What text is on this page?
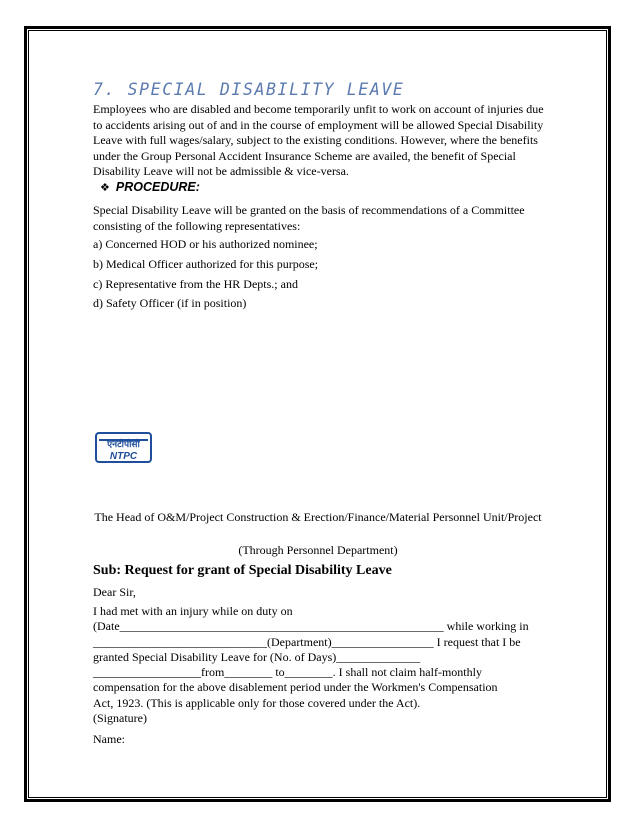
7. SPECIAL DISABILITY LEAVE
Employees who are disabled and become temporarily unfit to work on account of injuries due to accidents arising out of and in the course of employment will be allowed Special Disability Leave with full wages/salary, subject to the existing conditions. However, where the benefits under the Group Personal Accident Insurance Scheme are availed, the benefit of Special Disability Leave will not be admissible & vice-versa.
❖ PROCEDURE:
Special Disability Leave will be granted on the basis of recommendations of a Committee consisting of the following representatives:
a) Concerned HOD or his authorized nominee;
b) Medical Officer authorized for this purpose;
c) Representative from the HR Depts.; and
d) Safety Officer (if in position)
एनटीपीसी
NTPC
The Head of O&M/Project Construction & Erection/Finance/Material Personnel Unit/Project
(Through Personnel Department)
Sub: Request for grant of Special Disability Leave
Dear Sir,
I had met with an injury while on duty on
(Date______________________________________________________ while working in
_____________________________(Department)_________________ I request that I be
granted Special Disability Leave for (No. of Days)______________
__________________from________ to________. I shall not claim half-monthly
compensation for the above disablement period under the Workmen's Compensation
Act, 1923. (This is applicable only for those covered under the Act).
(Signature)
Name:
